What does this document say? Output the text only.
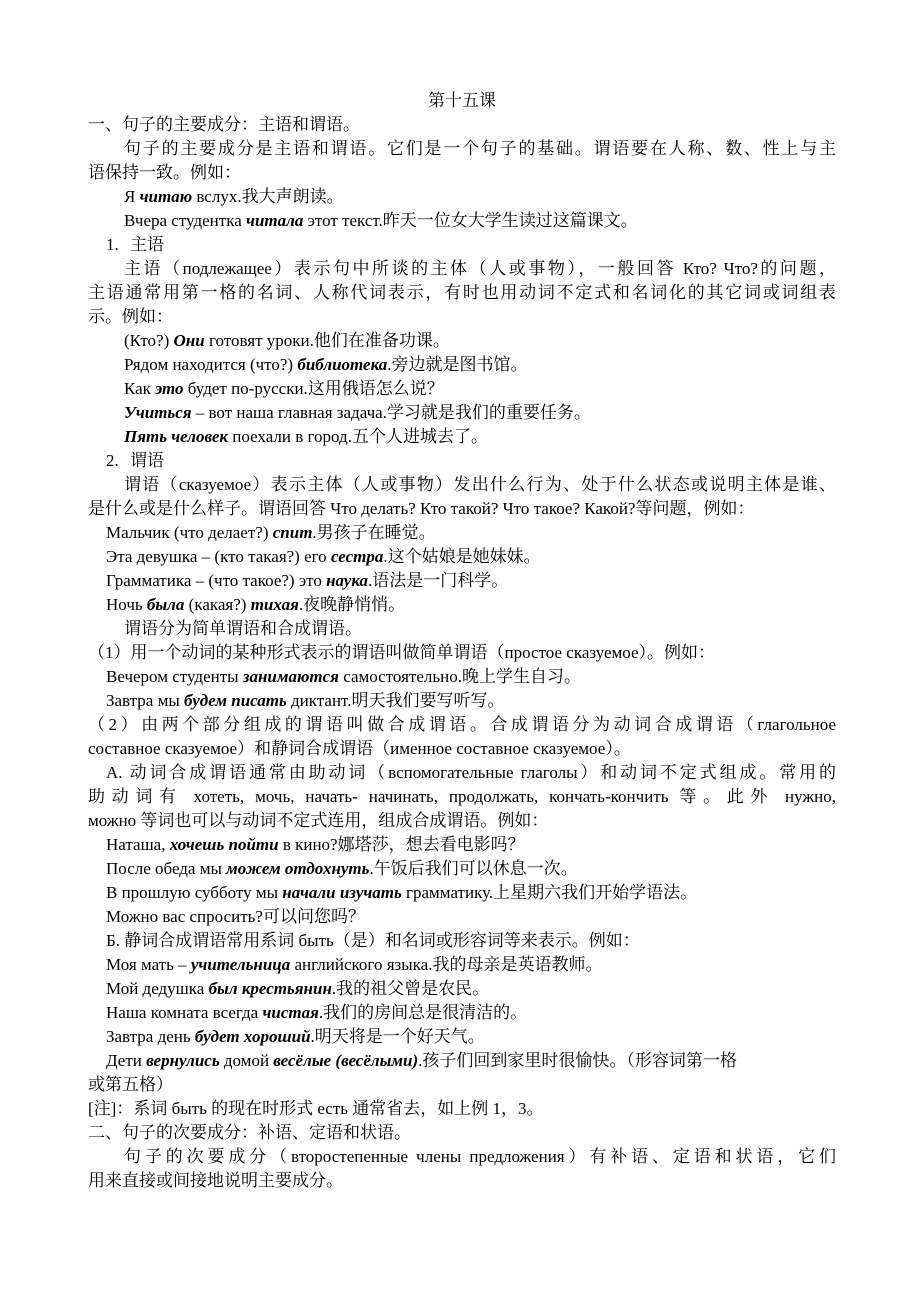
第十五课
一、句子的主要成分：主语和谓语。
句子的主要成分是主语和谓语。它们是一个句子的基础。谓语要在人称、数、性上与主
语保持一致。例如：
Я читаю вслух.我大声朗读。
Вчера студентка читала этот текст.昨天一位女大学生读过这篇课文。
1. 主语
主语（подлежащее）表示句中所谈的主体（人或事物），一般回答 Кто? Что?的问题，
主语通常用第一格的名词、人称代词表示，有时也用动词不定式和名词化的其它词或词组表
示。例如：
(Кто?) Они готовят уроки.他们在准备功课。
Рядом находится (что?) библиотека.旁边就是图书馆。
Как это будет по-русски.这用俄语怎么说？
Учиться – вот наша главная задача.学习就是我们的重要任务。
Пять человек поехали в город.五个人进城去了。
2. 谓语
谓语（сказуемое）表示主体（人或事物）发出什么行为、处于什么状态或说明主体是谁、
是什么或是什么样子。谓语回答 Что делать? Кто такой? Что такое? Какой?等问题，例如：
Мальчик (что делает?) спит.男孩子在睡觉。
Эта девушка – (кто такая?) его сестра.这个姑娘是她妹妹。
Грамматика – (что такое?) это наука.语法是一门科学。
Ночь была (какая?) тихая.夜晚静悄悄。
谓语分为简单谓语和合成谓语。
（1）用一个动词的某种形式表示的谓语叫做简单谓语（простое сказуемое）。例如：
Вечером студенты занимаются самостоятельно.晚上学生自习。
Завтра мы будем писать диктант.明天我们要写听写。
（2）由两个部分组成的谓语叫做合成谓语。合成谓语分为动词合成谓语（глагольное
составное сказуемое）和静词合成谓语（именное составное сказуемое）。
A. 动词合成谓语通常由助动词（вспомогательные глаголы）和动词不定式组成。常用的
助动词有 хотеть, мочь, начать- начинать, продолжать, кончать-кончить 等。此外 нужно,
можно 等词也可以与动词不定式连用，组成合成谓语。例如：
Наташа, хочешь пойти в кино?娜塔莎，想去看电影吗？
После обеда мы можем отдохнуть.午饭后我们可以休息一次。
В прошлую субботу мы начали изучать грамматику.上星期六我们开始学语法。
Можно вас спросить?可以问您吗？
Б. 静词合成谓语常用系词 быть（是）和名词或形容词等来表示。例如：
Моя мать – учительница английского языка.我的母亲是英语教师。
Мой дедушка был крестьянин.我的祖父曾是农民。
Наша комната всегда чистая.我们的房间总是很清洁的。
Завтра день будет хороший.明天将是一个好天气。
Дети вернулись домой весёлые (весёлыми).孩子们回到家里时很愉快。（形容词第一格
或第五格）
[注]：系词 быть 的现在时形式 есть 通常省去，如上例 1，3。
二、句子的次要成分：补语、定语和状语。
句子的次要成分（второстепенные члены предложения）有补语、定语和状语，它们
用来直接或间接地说明主要成分。
